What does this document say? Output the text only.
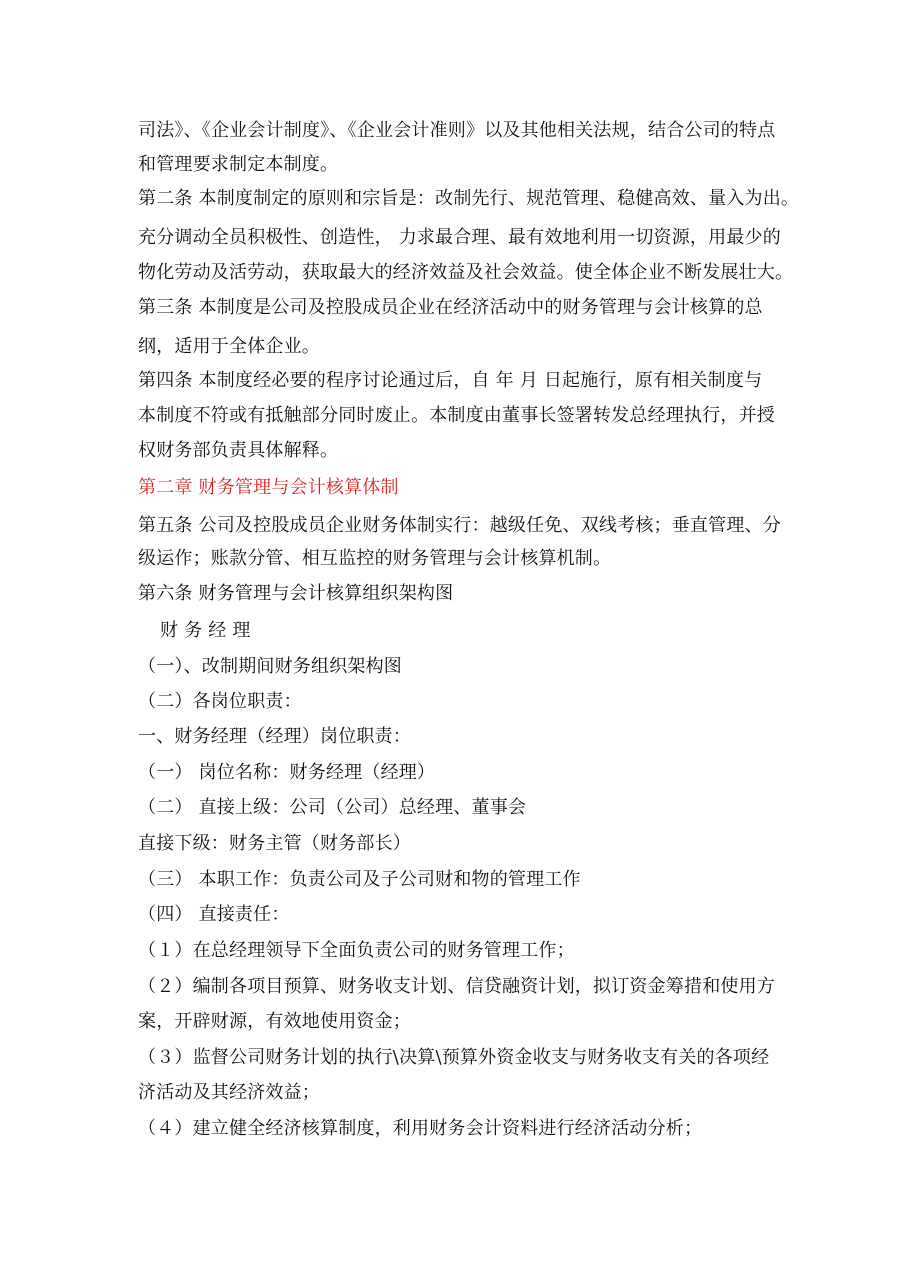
司法》、《企业会计制度》、《企业会计准则》以及其他相关法规，结合公司的特点
和管理要求制定本制度。
第二条 本制度制定的原则和宗旨是：改制先行、规范管理、稳健高效、量入为出。
充分调动全员积极性、创造性， 力求最合理、最有效地利用一切资源，用最少的
物化劳动及活劳动，获取最大的经济效益及社会效益。使全体企业不断发展壮大。
第三条 本制度是公司及控股成员企业在经济活动中的财务管理与会计核算的总
纲，适用于全体企业。
第四条 本制度经必要的程序讨论通过后，自 年 月 日起施行，原有相关制度与
本制度不符或有抵触部分同时废止。本制度由董事长签署转发总经理执行，并授
权财务部负责具体解释。
第二章 财务管理与会计核算体制
第五条 公司及控股成员企业财务体制实行：越级任免、双线考核；垂直管理、分
级运作；账款分管、相互监控的财务管理与会计核算机制。
第六条 财务管理与会计核算组织架构图
财 务 经 理
（一）、改制期间财务组织架构图
（二）各岗位职责：
一、财务经理（经理）岗位职责：
（一） 岗位名称：财务经理（经理）
（二） 直接上级：公司（公司）总经理、董事会
直接下级：财务主管（财务部长）
（三） 本职工作：负责公司及子公司财和物的管理工作
（四） 直接责任：
（１）在总经理领导下全面负责公司的财务管理工作；
（２）编制各项目预算、财务收支计划、信贷融资计划，拟订资金筹措和使用方
案，开辟财源，有效地使用资金；
（３）监督公司财务计划的执行\决算\预算外资金收支与财务收支有关的各项经
济活动及其经济效益；
（４）建立健全经济核算制度，利用财务会计资料进行经济活动分析；
